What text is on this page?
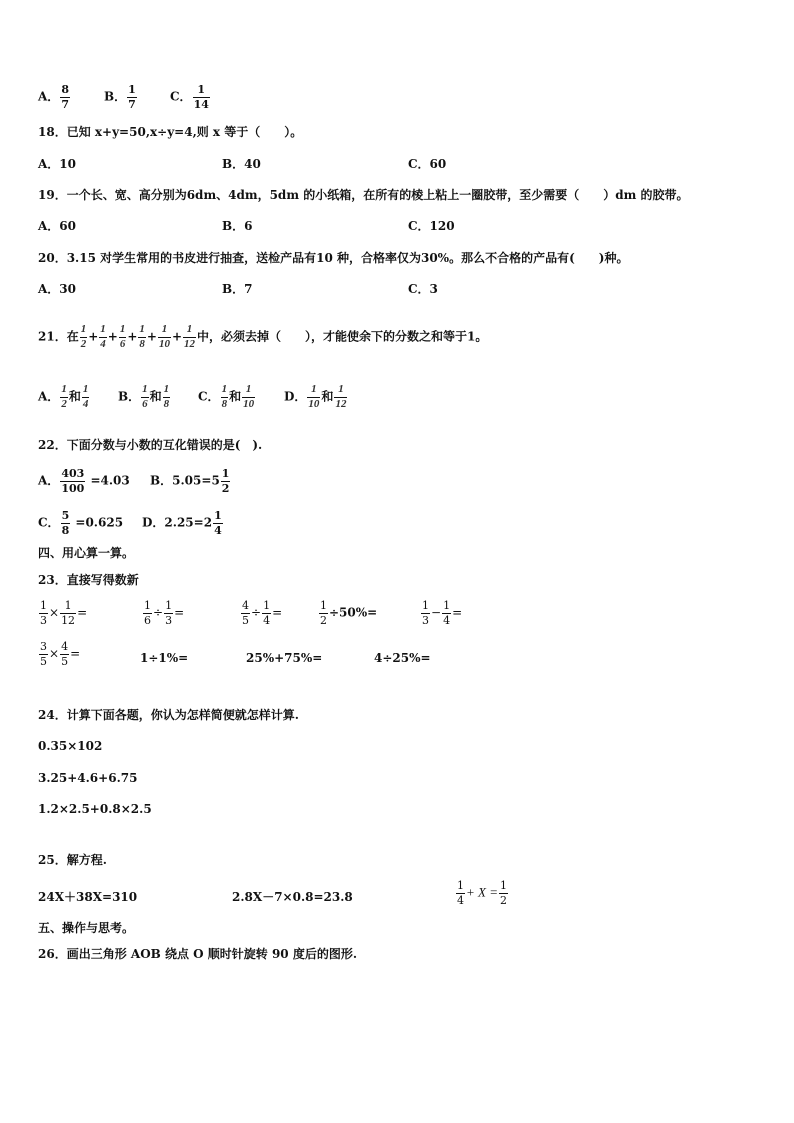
A． $\frac{8}{7}$	B． $\frac{1}{7}$	C． $\frac{1}{14}$
18．已知 x+y=50,x÷y=4,则 x 等于（　　）。
A．10	B．40	C．60
19．一个长、宽、高分别为6dm、4dm，5dm 的小纸箱，在所有的棱上粘上一圈胶带，至少需要（　　）dm 的胶带。
A．60	B．6	C．120
20．3.15 对学生常用的书皮进行抽查，送检产品有10 种，合格率仅为30%。那么不合格的产品有(　　)种。
A．30	B．7	C．3
21．在 $\frac{1}{2} + \frac{1}{4} + \frac{1}{6} + \frac{1}{8} + \frac{1}{10} + \frac{1}{12}$ 中，必须去掉（　　），才能使余下的分数之和等于1。
A． $\frac{1}{2}$ 和 $\frac{1}{4}$ B． $\frac{1}{6}$ 和 $\frac{1}{8}$ C． $\frac{1}{8}$ 和 $\frac{1}{10}$ D． $\frac{1}{10}$ 和 $\frac{1}{12}$
22．下面分数与小数的互化错误的是(　).
A． $\frac{403}{100} =4.03$ B．$5.05=5 \frac{1}{2}$
C． $\frac{5}{8} =0.625$ D．$2.25=2 \frac{1}{4}$
四、用心算一算。
23．直接写得数新
$\frac{1}{3} \times \frac{1}{12}$ =	$\frac{1}{6} \div \frac{1}{3}$ =	$\frac{4}{5} \div \frac{1}{4}$ =	$\frac{1}{2} \div 50\%=$	$\frac{1}{3} - \frac{1}{4}$ =
$\frac{3}{5} \times \frac{4}{5}$ =	1÷1%=	25%+75%=	4÷25%=
24．计算下面各题，你认为怎样简便就怎样计算.
0.35×102
3.25+4.6+6.75
1.2×2.5+0.8×2.5
25．解方程.
24X＋38X=310	2.8X－7×0.8=23.8	$\frac{1}{4} + X = \frac{1}{2}$
五、操作与思考。
26．画出三角形 AOB 绕点 O 顺时针旋转 90 度后的图形.
